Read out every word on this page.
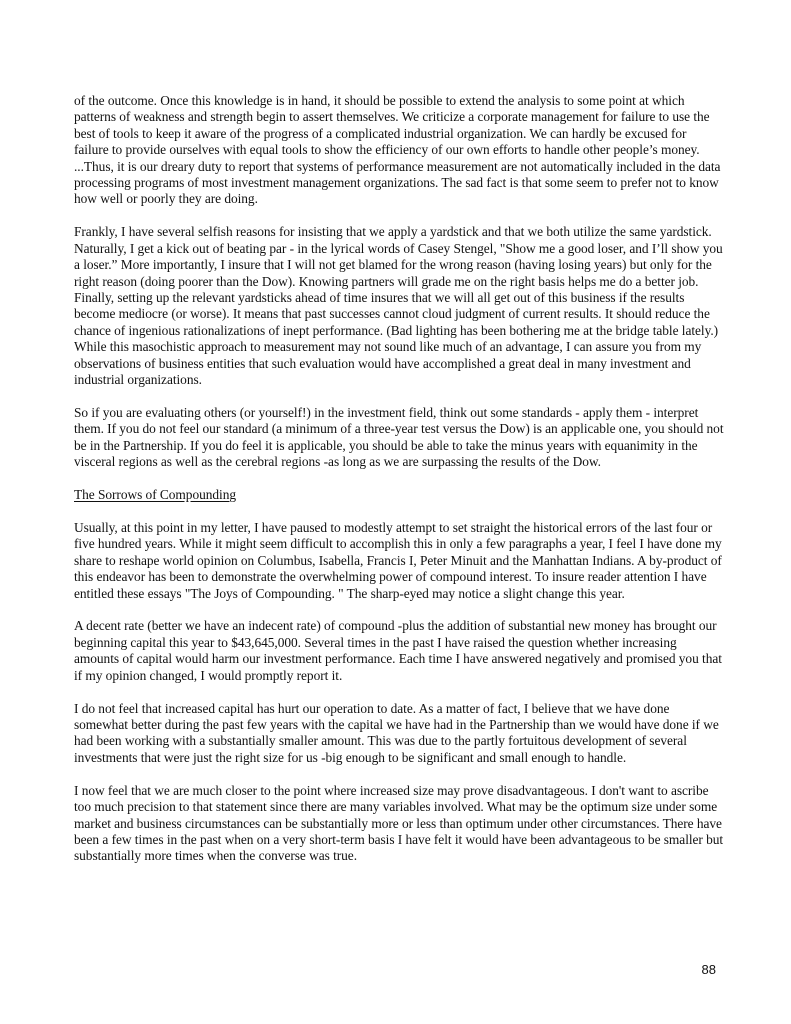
of the outcome. Once this knowledge is in hand, it should be possible to extend the analysis to some point at which patterns of weakness and strength begin to assert themselves. We criticize a corporate management for failure to use the best of tools to keep it aware of the progress of a complicated industrial organization. We can hardly be excused for failure to provide ourselves with equal tools to show the efficiency of our own efforts to handle other people’s money. ...Thus, it is our dreary duty to report that systems of performance measurement are not automatically included in the data processing programs of most investment management organizations. The sad fact is that some seem to prefer not to know how well or poorly they are doing.

Frankly, I have several selfish reasons for insisting that we apply a yardstick and that we both utilize the same yardstick. Naturally, I get a kick out of beating par - in the lyrical words of Casey Stengel, "Show me a good loser, and I’ll show you a loser.” More importantly, I insure that I will not get blamed for the wrong reason (having losing years) but only for the right reason (doing poorer than the Dow). Knowing partners will grade me on the right basis helps me do a better job. Finally, setting up the relevant yardsticks ahead of time insures that we will all get out of this business if the results become mediocre (or worse). It means that past successes cannot cloud judgment of current results. It should reduce the chance of ingenious rationalizations of inept performance. (Bad lighting has been bothering me at the bridge table lately.) While this masochistic approach to measurement may not sound like much of an advantage, I can assure you from my observations of business entities that such evaluation would have accomplished a great deal in many investment and industrial organizations.

So if you are evaluating others (or yourself!) in the investment field, think out some standards - apply them - interpret them. If you do not feel our standard (a minimum of a three-year test versus the Dow) is an applicable one, you should not be in the Partnership. If you do feel it is applicable, you should be able to take the minus years with equanimity in the visceral regions as well as the cerebral regions -as long as we are surpassing the results of the Dow.

The Sorrows of Compounding

Usually, at this point in my letter, I have paused to modestly attempt to set straight the historical errors of the last four or five hundred years. While it might seem difficult to accomplish this in only a few paragraphs a year, I feel I have done my share to reshape world opinion on Columbus, Isabella, Francis I, Peter Minuit and the Manhattan Indians. A by-product of this endeavor has been to demonstrate the overwhelming power of compound interest. To insure reader attention I have entitled these essays "The Joys of Compounding. " The sharp-eyed may notice a slight change this year.

A decent rate (better we have an indecent rate) of compound -plus the addition of substantial new money has brought our beginning capital this year to $43,645,000. Several times in the past I have raised the question whether increasing amounts of capital would harm our investment performance. Each time I have answered negatively and promised you that if my opinion changed, I would promptly report it.

I do not feel that increased capital has hurt our operation to date. As a matter of fact, I believe that we have done somewhat better during the past few years with the capital we have had in the Partnership than we would have done if we had been working with a substantially smaller amount. This was due to the partly fortuitous development of several investments that were just the right size for us -big enough to be significant and small enough to handle.

I now feel that we are much closer to the point where increased size may prove disadvantageous. I don't want to ascribe too much precision to that statement since there are many variables involved. What may be the optimum size under some market and business circumstances can be substantially more or less than optimum under other circumstances. There have been a few times in the past when on a very short-term basis I have felt it would have been advantageous to be smaller but substantially more times when the converse was true.

88
